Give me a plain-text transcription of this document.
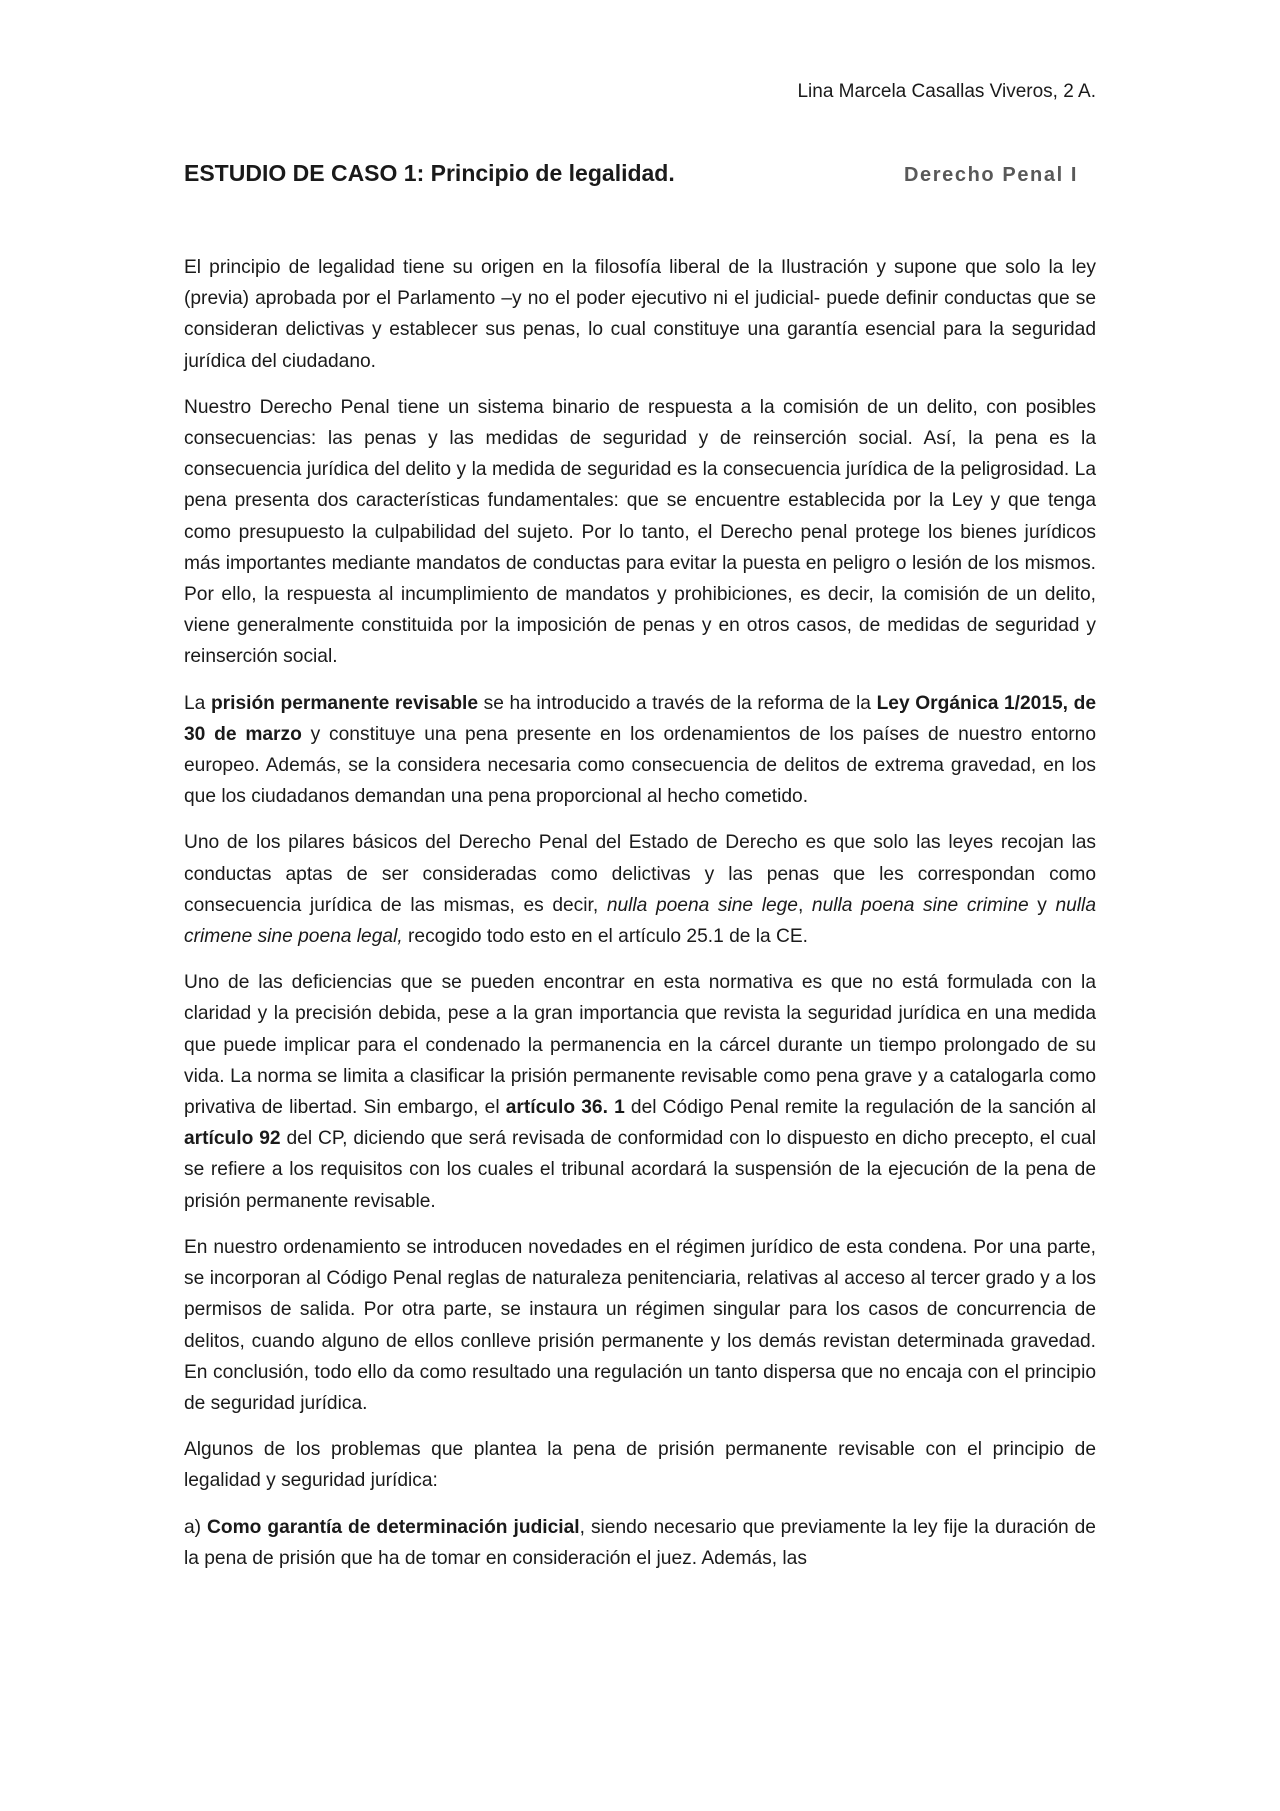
Lina Marcela Casallas Viveros, 2 A.
ESTUDIO DE CASO 1: Principio de legalidad.	Derecho Penal I

El principio de legalidad tiene su origen en la filosofía liberal de la Ilustración y supone que solo la ley (previa) aprobada por el Parlamento –y no el poder ejecutivo ni el judicial- puede definir conductas que se consideran delictivas y establecer sus penas, lo cual constituye una garantía esencial para la seguridad jurídica del ciudadano.

Nuestro Derecho Penal tiene un sistema binario de respuesta a la comisión de un delito, con posibles consecuencias: las penas y las medidas de seguridad y de reinserción social. Así, la pena es la consecuencia jurídica del delito y la medida de seguridad es la consecuencia jurídica de la peligrosidad. La pena presenta dos características fundamentales: que se encuentre establecida por la Ley y que tenga como presupuesto la culpabilidad del sujeto. Por lo tanto, el Derecho penal protege los bienes jurídicos más importantes mediante mandatos de conductas para evitar la puesta en peligro o lesión de los mismos. Por ello, la respuesta al incumplimiento de mandatos y prohibiciones, es decir, la comisión de un delito, viene generalmente constituida por la imposición de penas y en otros casos, de medidas de seguridad y reinserción social.

La prisión permanente revisable se ha introducido a través de la reforma de la Ley Orgánica 1/2015, de 30 de marzo y constituye una pena presente en los ordenamientos de los países de nuestro entorno europeo. Además, se la considera necesaria como consecuencia de delitos de extrema gravedad, en los que los ciudadanos demandan una pena proporcional al hecho cometido.

Uno de los pilares básicos del Derecho Penal del Estado de Derecho es que solo las leyes recojan las conductas aptas de ser consideradas como delictivas y las penas que les correspondan como consecuencia jurídica de las mismas, es decir, nulla poena sine lege, nulla poena sine crimine y nulla crimene sine poena legal, recogido todo esto en el artículo 25.1 de la CE.

Uno de las deficiencias que se pueden encontrar en esta normativa es que no está formulada con la claridad y la precisión debida, pese a la gran importancia que revista la seguridad jurídica en una medida que puede implicar para el condenado la permanencia en la cárcel durante un tiempo prolongado de su vida. La norma se limita a clasificar la prisión permanente revisable como pena grave y a catalogarla como privativa de libertad. Sin embargo, el artículo 36. 1 del Código Penal remite la regulación de la sanción al artículo 92 del CP, diciendo que será revisada de conformidad con lo dispuesto en dicho precepto, el cual se refiere a los requisitos con los cuales el tribunal acordará la suspensión de la ejecución de la pena de prisión permanente revisable.

En nuestro ordenamiento se introducen novedades en el régimen jurídico de esta condena. Por una parte, se incorporan al Código Penal reglas de naturaleza penitenciaria, relativas al acceso al tercer grado y a los permisos de salida. Por otra parte, se instaura un régimen singular para los casos de concurrencia de delitos, cuando alguno de ellos conlleve prisión permanente y los demás revistan determinada gravedad. En conclusión, todo ello da como resultado una regulación un tanto dispersa que no encaja con el principio de seguridad jurídica.

Algunos de los problemas que plantea la pena de prisión permanente revisable con el principio de legalidad y seguridad jurídica:

a) Como garantía de determinación judicial, siendo necesario que previamente la ley fije la duración de la pena de prisión que ha de tomar en consideración el juez. Además, las
